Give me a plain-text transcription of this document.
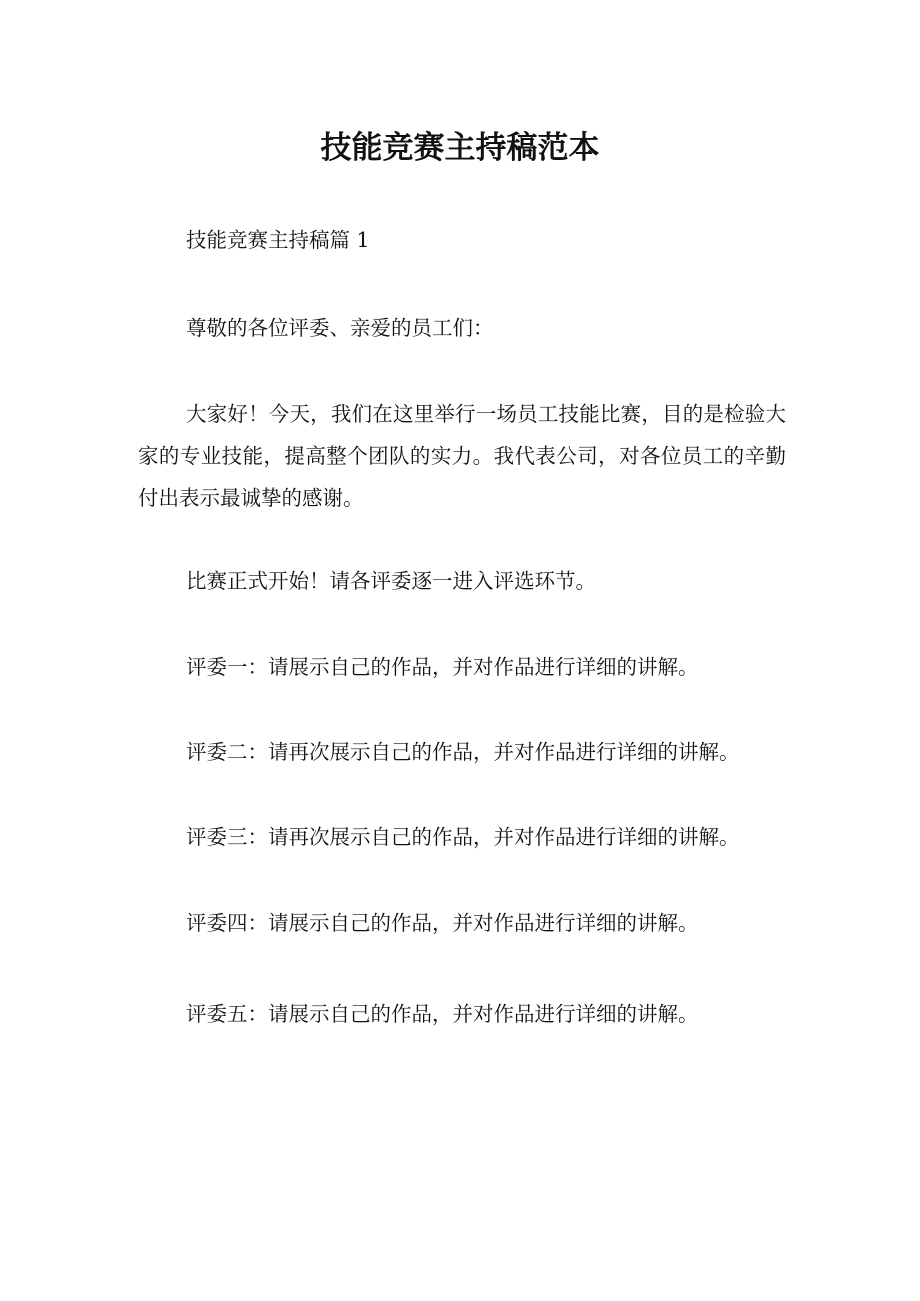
技能竞赛主持稿范本

技能竞赛主持稿篇 1

尊敬的各位评委、亲爱的员工们：

大家好！今天，我们在这里举行一场员工技能比赛，目的是检验大家的专业技能，提高整个团队的实力。我代表公司，对各位员工的辛勤付出表示最诚挚的感谢。

比赛正式开始！请各评委逐一进入评选环节。

评委一：请展示自己的作品，并对作品进行详细的讲解。

评委二：请再次展示自己的作品，并对作品进行详细的讲解。

评委三：请再次展示自己的作品，并对作品进行详细的讲解。

评委四：请展示自己的作品，并对作品进行详细的讲解。

评委五：请展示自己的作品，并对作品进行详细的讲解。
